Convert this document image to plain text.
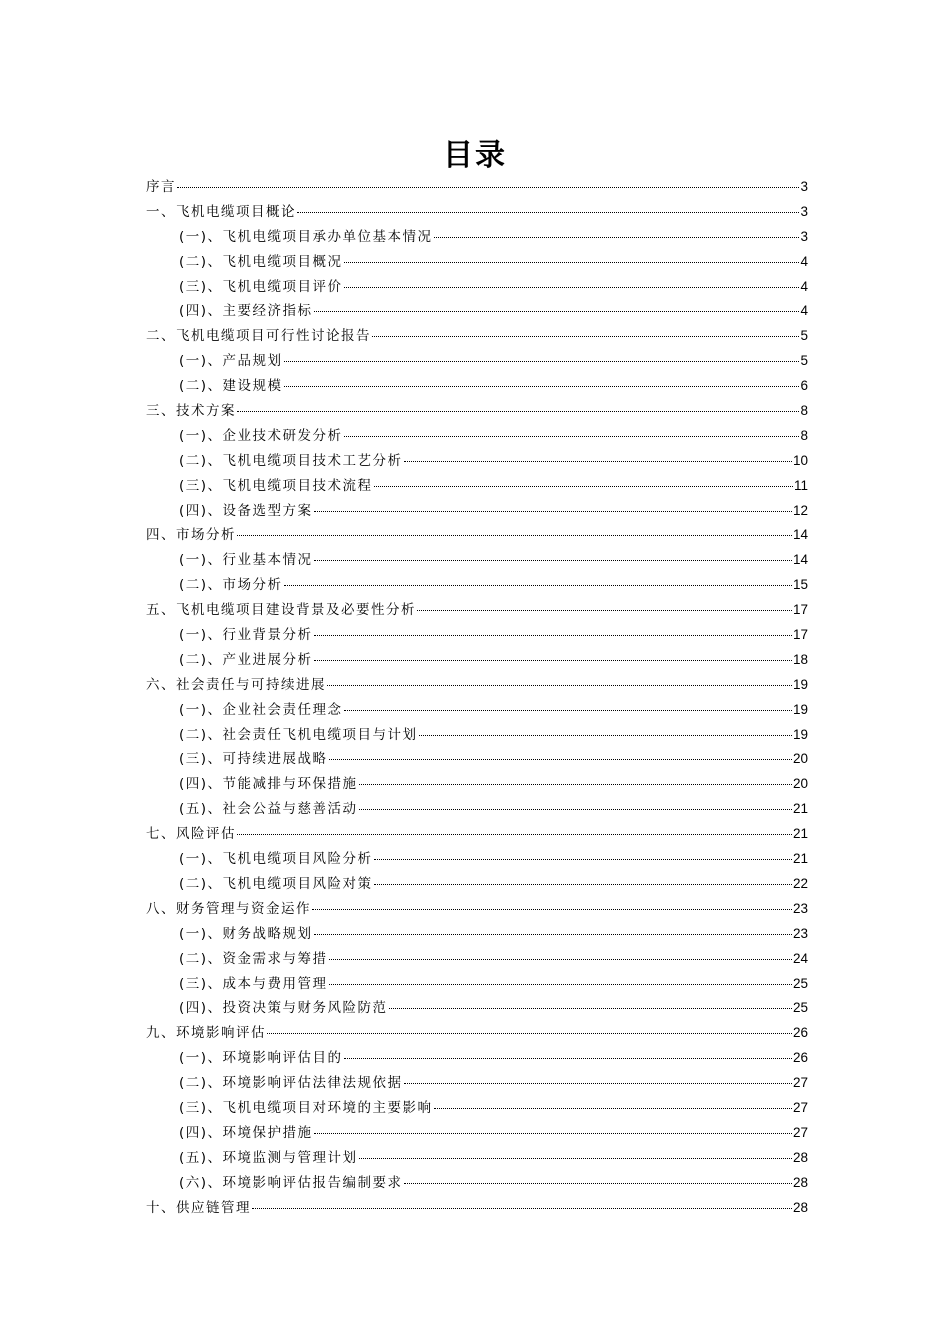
目录
序言	3
一、飞机电缆项目概论	3
(一)、飞机电缆项目承办单位基本情况	3
(二)、飞机电缆项目概况	4
(三)、飞机电缆项目评价	4
(四)、主要经济指标	4
二、飞机电缆项目可行性讨论报告	5
(一)、产品规划	5
(二)、建设规模	6
三、技术方案	8
(一)、企业技术研发分析	8
(二)、飞机电缆项目技术工艺分析	10
(三)、飞机电缆项目技术流程	11
(四)、设备选型方案	12
四、市场分析	14
(一)、行业基本情况	14
(二)、市场分析	15
五、飞机电缆项目建设背景及必要性分析	17
(一)、行业背景分析	17
(二)、产业进展分析	18
六、社会责任与可持续进展	19
(一)、企业社会责任理念	19
(二)、社会责任飞机电缆项目与计划	19
(三)、可持续进展战略	20
(四)、节能减排与环保措施	20
(五)、社会公益与慈善活动	21
七、风险评估	21
(一)、飞机电缆项目风险分析	21
(二)、飞机电缆项目风险对策	22
八、财务管理与资金运作	23
(一)、财务战略规划	23
(二)、资金需求与筹措	24
(三)、成本与费用管理	25
(四)、投资决策与财务风险防范	25
九、环境影响评估	26
(一)、环境影响评估目的	26
(二)、环境影响评估法律法规依据	27
(三)、飞机电缆项目对环境的主要影响	27
(四)、环境保护措施	27
(五)、环境监测与管理计划	28
(六)、环境影响评估报告编制要求	28
十、供应链管理	28
